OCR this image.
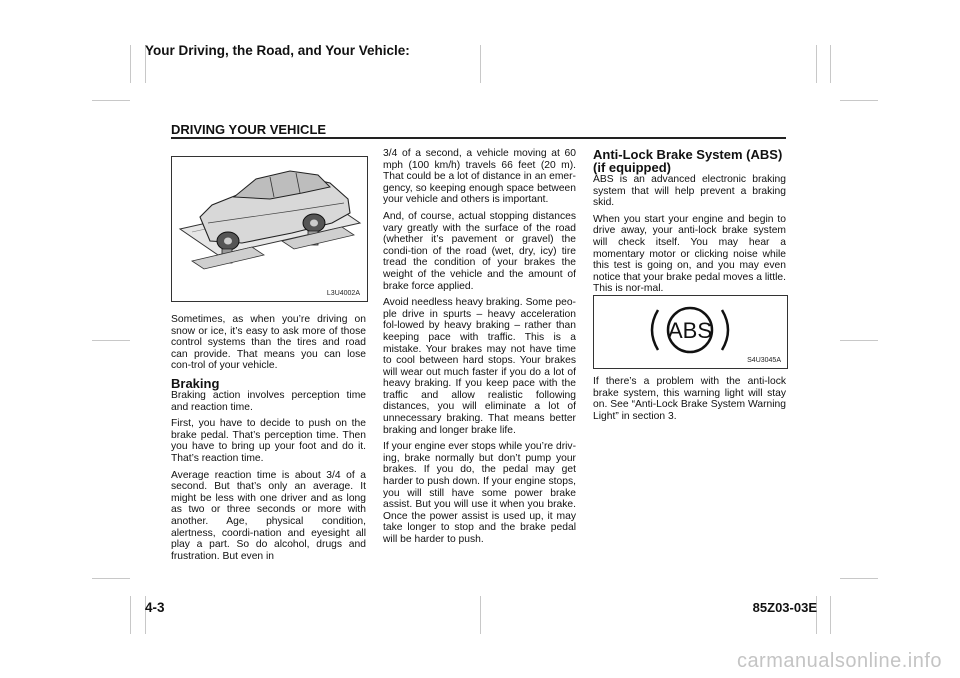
Your Driving, the Road, and Your Vehicle:
DRIVING YOUR VEHICLE
L3U4002A

Sometimes, as when you’re driving on snow or ice, it’s easy to ask more of those control systems than the tires and road can provide. That means you can lose con-trol of your vehicle.

Braking

Braking action involves perception time and reaction time.

First, you have to decide to push on the brake pedal. That’s perception time. Then you have to bring up your foot and do it. That’s reaction time.

Average reaction time is about 3/4 of a second. But that’s only an average. It might be less with one driver and as long as two or three seconds or more with another. Age, physical condition, alertness, coordi-nation and eyesight all play a part. So do alcohol, drugs and frustration. But even in

3/4 of a second, a vehicle moving at 60 mph (100 km/h) travels 66 feet (20 m). That could be a lot of distance in an emer-gency, so keeping enough space between your vehicle and others is important.

And, of course, actual stopping distances vary greatly with the surface of the road (whether it’s pavement or gravel) the condi-tion of the road (wet, dry, icy) tire tread the condition of your brakes the weight of the vehicle and the amount of brake force applied.

Avoid needless heavy braking. Some peo-ple drive in spurts – heavy acceleration fol-lowed by heavy braking – rather than keeping pace with traffic. This is a mistake. Your brakes may not have time to cool between hard stops. Your brakes will wear out much faster if you do a lot of heavy braking. If you keep pace with the traffic and allow realistic following distances, you will eliminate a lot of unnecessary braking. That means better braking and longer brake life.

If your engine ever stops while you’re driv-ing, brake normally but don’t pump your brakes. If you do, the pedal may get harder to push down. If your engine stops, you will still have some power brake assist. But you will use it when you brake. Once the power assist is used up, it may take longer to stop and the brake pedal will be harder to push.

Anti-Lock Brake System (ABS)
(if equipped)

ABS is an advanced electronic braking system that will help prevent a braking skid.

When you start your engine and begin to drive away, your anti-lock brake system will check itself. You may hear a momentary motor or clicking noise while this test is going on, and you may even notice that your brake pedal moves a little. This is nor-mal.

ABS
S4U3045A

If there’s a problem with the anti-lock brake system, this warning light will stay on. See “Anti-Lock Brake System Warning Light” in section 3.

4-3	85Z03-03E
carmanualsonline.info
